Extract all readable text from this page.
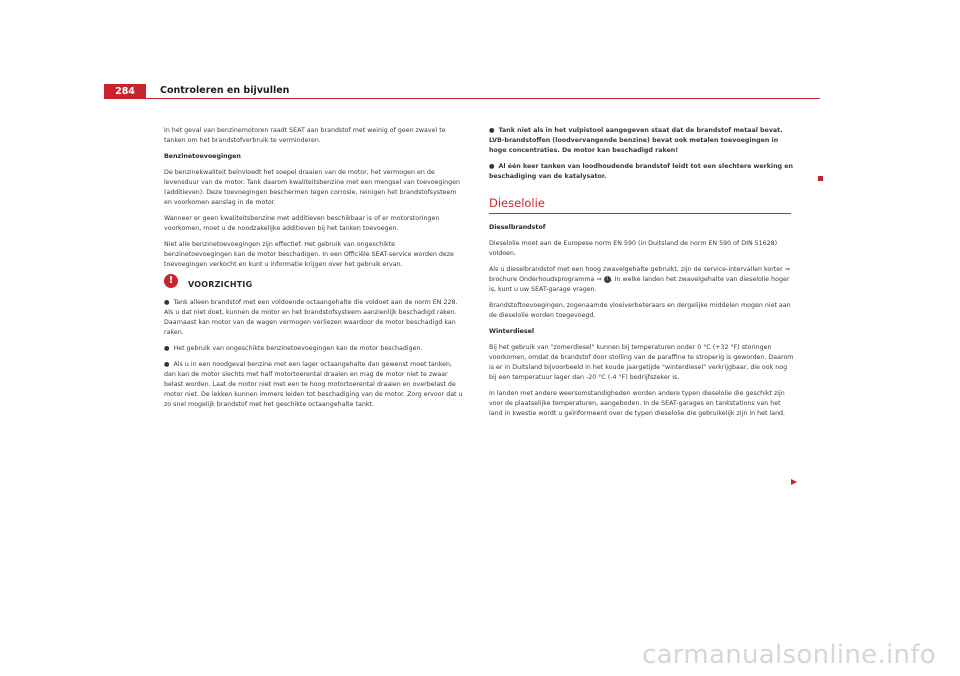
284	Controleren en bijvullen

In het geval van benzinemotoren raadt SEAT aan brandstof met weinig of geen zwavel te tanken om het brandstofverbruik te verminderen.

Benzinetoevoegingen

De benzinekwaliteit beïnvloedt het soepel draaien van de motor, het vermogen en de levensduur van de motor. Tank daarom kwaliteitsbenzine met een mengsel van toevoegingen (additieven). Deze toevoegingen beschermen tegen corrosie, reinigen het brandstofsysteem en voorkomen aanslag in de motor.

Wanneer er geen kwaliteitsbenzine met additieven beschikbaar is of er motorstoringen voorkomen, moet u de noodzakelijke additieven bij het tanken toevoegen.

Niet alle benzinetoevoegingen zijn effectief. Het gebruik van ongeschikte benzinetoevoegingen kan de motor beschadigen. In een Officiële SEAT-service worden deze toevoegingen verkocht en kunt u informatie krijgen over het gebruik ervan.

!	VOORZICHTIG

● Tank alleen brandstof met een voldoende octaangehalte die voldoet aan de norm EN 228. Als u dat niet doet, kunnen de motor en het brandstofsysteem aanzienlijk beschadigd raken. Daarnaast kan motor van de wagen vermogen verliezen waardoor de motor beschadigd kan raken.

● Het gebruik van ongeschikte benzinetoevoegingen kan de motor beschadigen.

● Als u in een noodgeval benzine met een lager octaangehalte dan gewenst moet tanken, dan kan de motor slechts met half motortoerental draaien en mag de motor niet te zwaar belast worden. Laat de motor niet met een te hoog motortoerental draaien en overbelast de motor niet. De lekken kunnen immers leiden tot beschadiging van de motor. Zorg ervoor dat u zo snel mogelijk brandstof met het geschikte octaangehalte tankt.

● Tank niet als in het vulpistool aangegeven staat dat de brandstof metaal bevat. LVB-brandstoffen (loodvervangende benzine) bevat ook metalen toevoegingen in hoge concentraties. De motor kan beschadigd raken!

● Al één keer tanken van loodhoudende brandstof leidt tot een slechtere werking en beschadiging van de katalysator.

Dieselolie

Dieselbrandstof

Dieselolie moet aan de Europese norm EN 590 (in Duitsland de norm EN 590 of DIN 51628) voldoen.

Als u dieselbrandstof met een hoog zwavelgehalte gebruikt, zijn de service-intervallen korter ⇒ brochure Onderhoudsprogramma ⇒ i . In welke landen het zwavelgehalte van dieselolie hoger is, kunt u uw SEAT-garage vragen.

Brandstoftoevoegingen, zogenaamde vloeiverbeteraars en dergelijke middelen mogen niet aan de dieselolie worden toegevoegd.

Winterdiesel

Bij het gebruik van "zomerdiesel" kunnen bij temperaturen onder 0 °C (+32 °F) storingen voorkomen, omdat de brandstof door stolling van de paraffine te stroperig is geworden. Daarom is er in Duitsland bijvoorbeeld in het koude jaargetijde "winterdiesel" verkrijgbaar, die ook nog bij een temperatuur lager dan -20 °C (-4 °F) bedrijfszeker is.

In landen met andere weersomstandigheden worden andere typen dieselolie die geschikt zijn voor de plaatselijke temperaturen, aangeboden. In de SEAT-garages en tankstations van het land in kwestie wordt u geïnformeerd over de typen dieselolie die gebruikelijk zijn in het land.

carmanualsonline.info
